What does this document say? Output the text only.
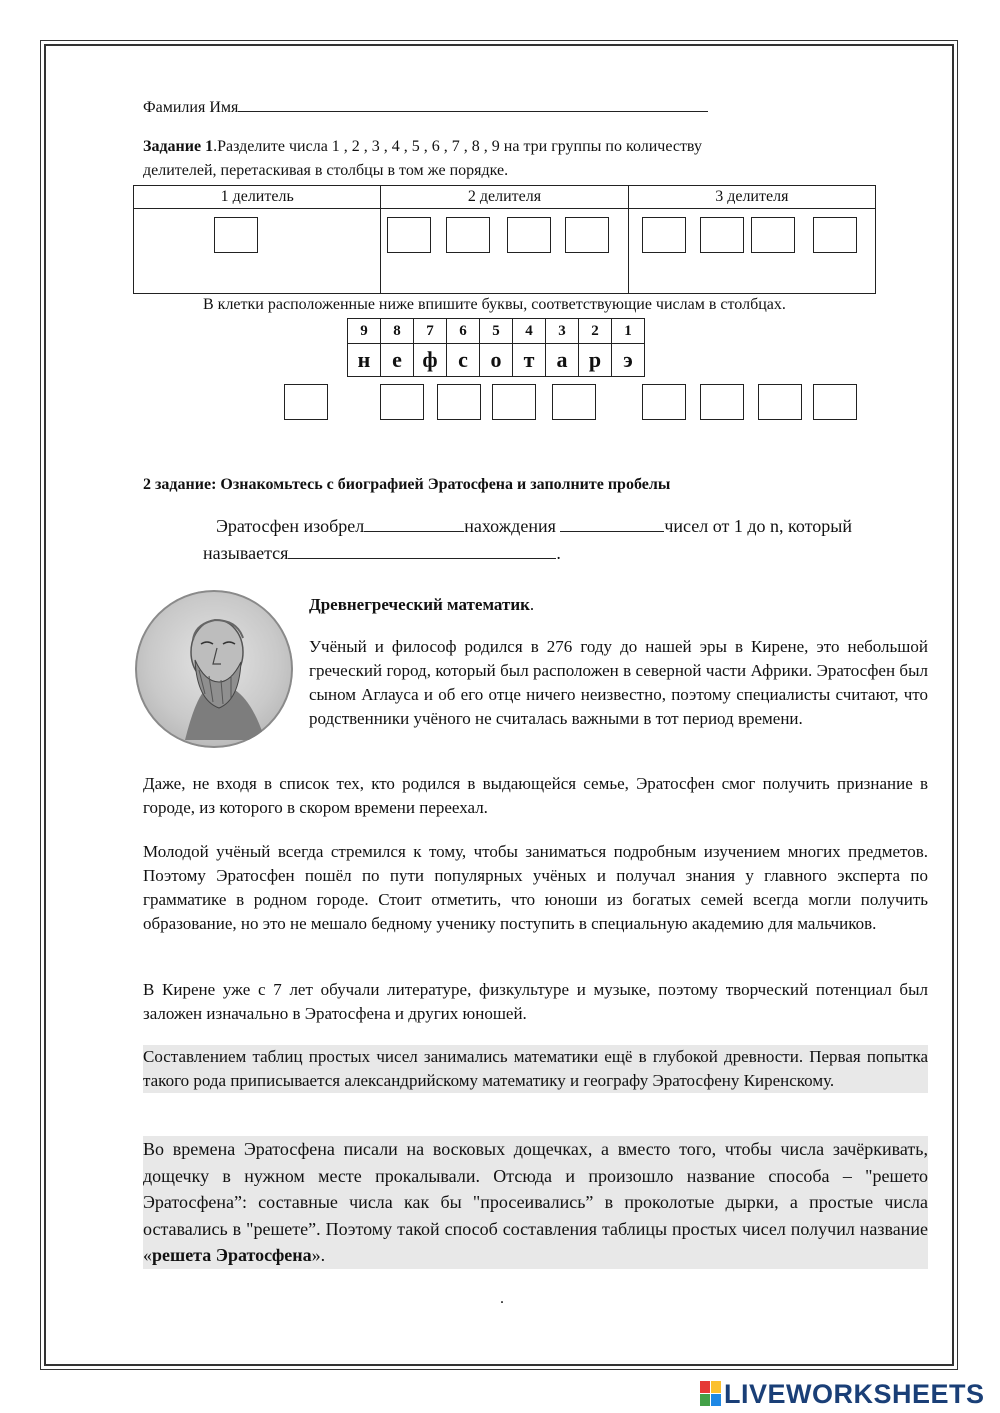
Фамилия Имя
Задание 1.Разделите числа 1 , 2 , 3 , 4 , 5 , 6 , 7 , 8 , 9 на три группы по количеству
делителей, перетаскивая в столбцы в том же порядке.
1 делитель	2 делителя	3 делителя

В клетки расположенные ниже впишите буквы, соответствующие числам в столбцах.
9	8	7	6	5	4	3	2	1
н	е	ф	с	о	т	а	р	э
2 задание: Ознакомьтесь с биографией Эратосфена и заполните пробелы
Эратосфен изобрел	нахождения	чисел от 1 до n, который
называется	.
Древнегреческий математик.

Учёный и философ родился в 276 году до нашей эры в Кирене, это небольшой греческий город, который был расположен в северной части Африки. Эратосфен был сыном Аглауса и об его отце ничего неизвестно, поэтому специалисты считают, что родственники учёного не считалась важными в тот период времени.

Даже, не входя в список тех, кто родился в выдающейся семье, Эратосфен смог получить признание в городе, из которого в скором времени переехал.

Молодой учёный всегда стремился к тому, чтобы заниматься подробным изучением многих предметов. Поэтому Эратосфен пошёл по пути популярных учёных и получал знания у главного эксперта по грамматике в родном городе. Стоит отметить, что юноши из богатых семей всегда могли получить образование, но это не мешало бедному ученику поступить в специальную академию для мальчиков.

В Кирене уже с 7 лет обучали литературе, физкультуре и музыке, поэтому творческий потенциал был заложен изначально в Эратосфена и других юношей.

Составлением таблиц простых чисел занимались математики ещё в глубокой древности. Первая попытка такого рода приписывается александрийскому математику и географу Эратосфену Киренскому.

Во времена Эратосфена писали на восковых дощечках, а вместо того, чтобы числа зачёркивать, дощечку в нужном месте прокалывали. Отсюда и произошло название способа – "решето Эратосфена”: составные числа как бы "просеивались” в проколотые дырки, а простые числа оставались в "решете”. Поэтому такой способ составления таблицы простых чисел получил название «решета Эратосфена».

.
LIVEWORKSHEETS
